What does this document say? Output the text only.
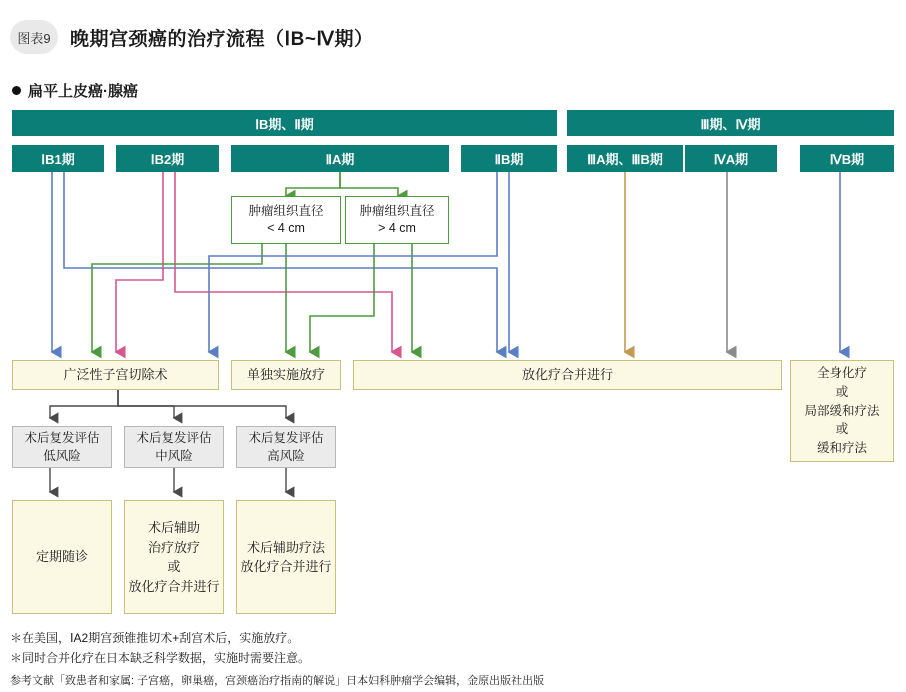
图表9	晚期宫颈癌的治疗流程（ⅠB~Ⅳ期）
扁平上皮癌·腺癌
ⅠB期、Ⅱ期	Ⅲ期、Ⅳ期
ⅠB1期	ⅠB2期	ⅡA期	ⅡB期	ⅢA期、ⅢB期	ⅣA期	ⅣB期
肿瘤组织直径
< 4 cm
肿瘤组织直径
> 4 cm
广泛性子宫切除术	单独实施放疗	放化疗合并进行	全身化疗
或
局部缓和疗法
或
缓和疗法
术后复发评估
低风险
术后复发评估
中风险
术后复发评估
高风险
定期随诊
术后辅助
治疗放疗
或
放化疗合并进行
术后辅助疗法
放化疗合并进行
＊在美国，ⅠA2期宫颈锥推切术+刮宫术后，实施放疗。
＊同时合并化疗在日本缺乏科学数据，实施时需要注意。
参考文献「致患者和家属: 子宫癌，卵巢癌，宫颈癌治疗指南的解说」日本妇科肿瘤学会编辑，金原出版社出版
